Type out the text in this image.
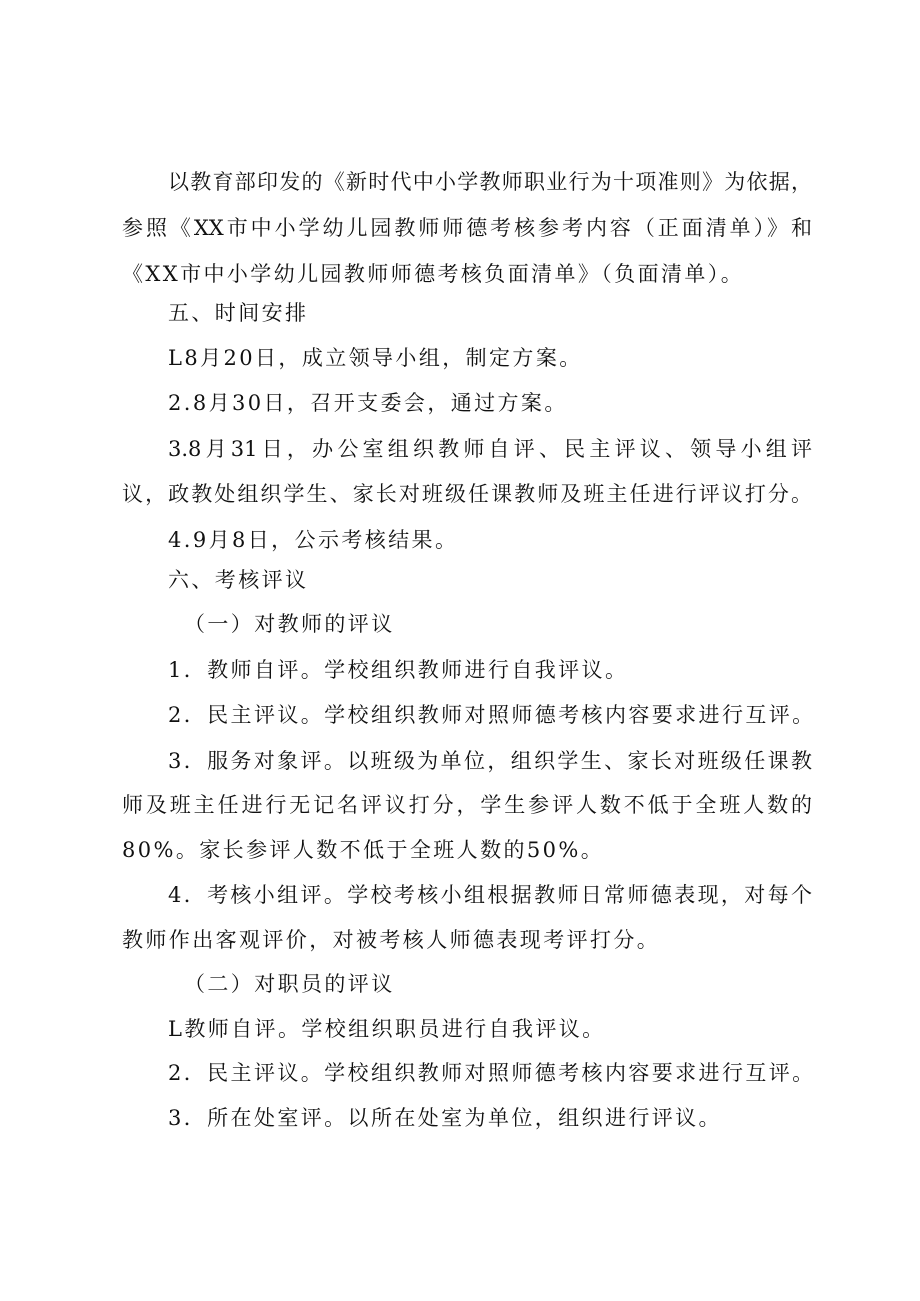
以教育部印发的《新时代中小学教师职业行为十项准则》为依据，
参照《XX市中小学幼儿园教师师德考核参考内容（正面清单）》和
《XX市中小学幼儿园教师师德考核负面清单》（负面清单）。
五、时间安排
L8月20日，成立领导小组，制定方案。
2.8月30日，召开支委会，通过方案。
3.8月31日，办公室组织教师自评、民主评议、领导小组评
议，政教处组织学生、家长对班级任课教师及班主任进行评议打分。
4.9月8日，公示考核结果。
六、考核评议
（一）对教师的评议
1．教师自评。学校组织教师进行自我评议。
2．民主评议。学校组织教师对照师德考核内容要求进行互评。
3．服务对象评。以班级为单位，组织学生、家长对班级任课教
师及班主任进行无记名评议打分，学生参评人数不低于全班人数的
80%。家长参评人数不低于全班人数的50%。
4．考核小组评。学校考核小组根据教师日常师德表现，对每个
教师作出客观评价，对被考核人师德表现考评打分。
（二）对职员的评议
L教师自评。学校组织职员进行自我评议。
2．民主评议。学校组织教师对照师德考核内容要求进行互评。
3．所在处室评。以所在处室为单位，组织进行评议。
